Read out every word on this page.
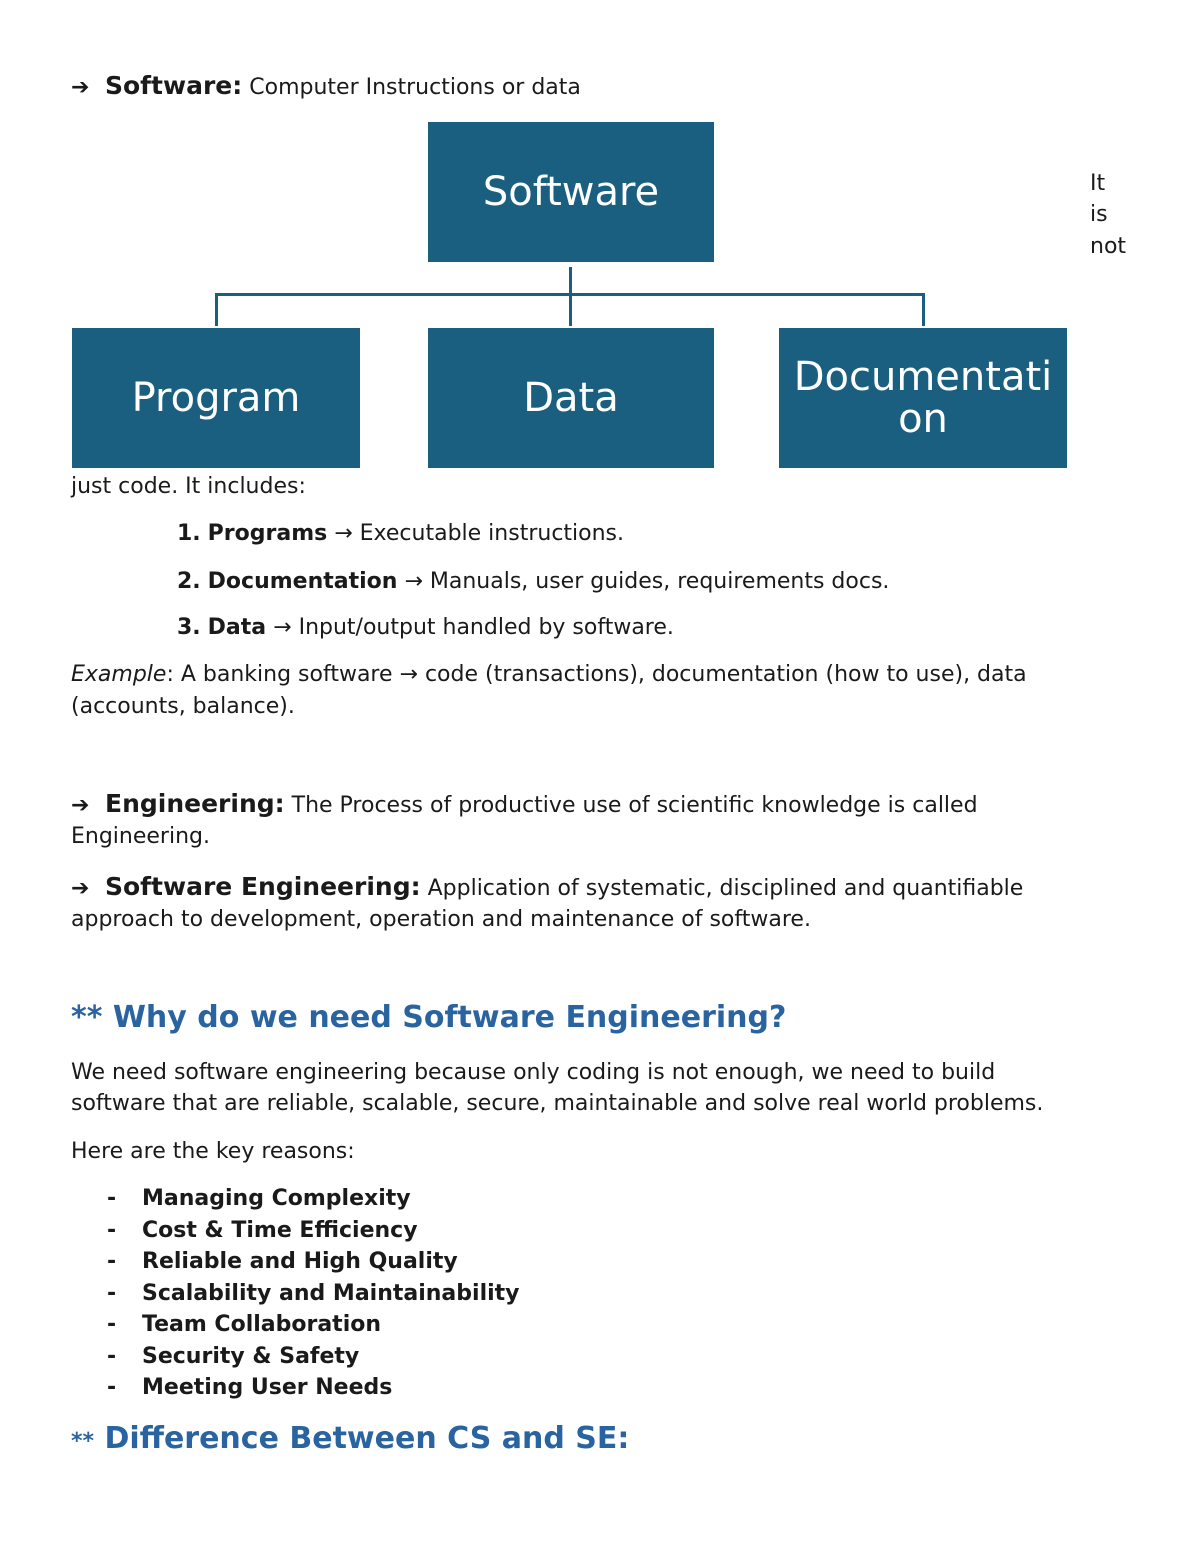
➔ Software: Computer Instructions or data
Software
Program	Data	Documentati on
It
is
not
just code. It includes:
1. Programs → Executable instructions.
2. Documentation → Manuals, user guides, requirements docs.
3. Data → Input/output handled by software.
Example: A banking software → code (transactions), documentation (how to use), data
(accounts, balance).
➔ Engineering: The Process of productive use of scientific knowledge is called
Engineering.
➔ Software Engineering: Application of systematic, disciplined and quantifiable
approach to development, operation and maintenance of software.
** Why do we need Software Engineering?
We need software engineering because only coding is not enough, we need to build
software that are reliable, scalable, secure, maintainable and solve real world problems.
Here are the key reasons:
- Managing Complexity
- Cost & Time Efficiency
- Reliable and High Quality
- Scalability and Maintainability
- Team Collaboration
- Security & Safety
- Meeting User Needs
** Difference Between CS and SE:
